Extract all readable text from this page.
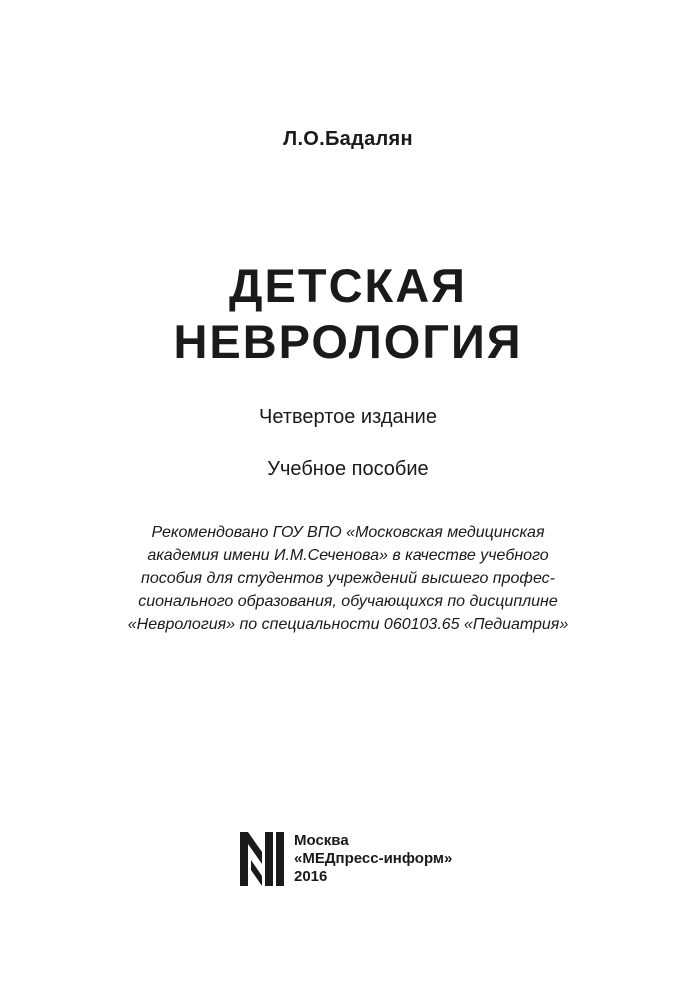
Л.О.Бадалян
ДЕТСКАЯ
НЕВРОЛОГИЯ
Четвертое издание
Учебное пособие
Рекомендовано ГОУ ВПО «Московская медицинская
академия имени И.М.Сеченова» в качестве учебного
пособия для студентов учреждений высшего профес-
сионального образования, обучающихся по дисциплине
«Неврология» по специальности 060103.65 «Педиатрия»
Москва
«МЕДпресс-информ»
2016
